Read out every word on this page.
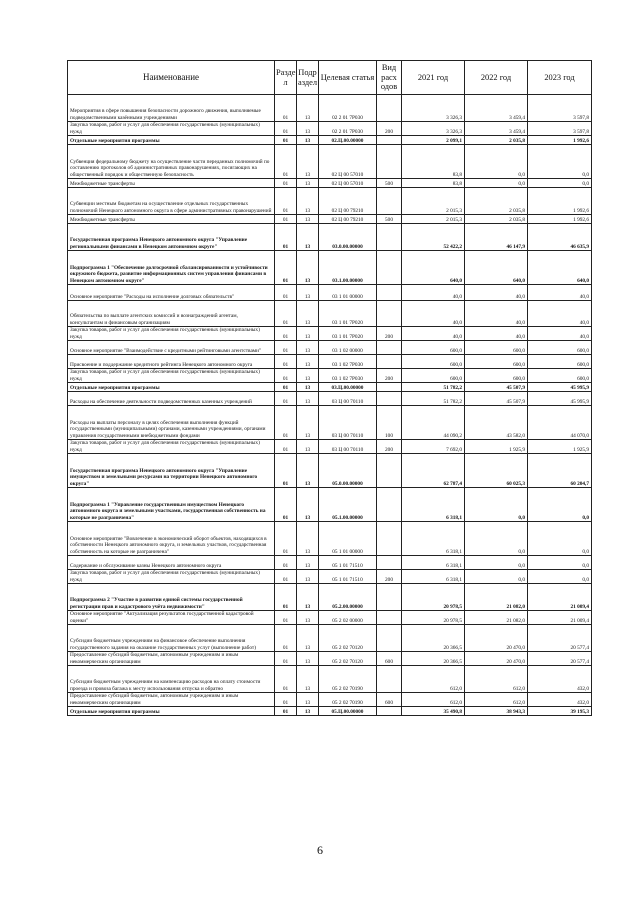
Наименование	Разде л	Подр аздел	Целевая статья	Вид расх одов	2021 год	2022 год	2023 год
Мероприятия в сфере повышения безопасности дорожного движения, выполняемые подведомственными казёнными учреждениями	01	13	02 2 01 7Р030		3 326,3	3 459,4	3 597,8
Закупка товаров, работ и услуг для обеспечения государственных (муниципальных) нужд	01	13	02 2 01 7Р030	200	3 326,3	3 459,4	3 597,8
Отдельные мероприятия программы	01	13	02.Ц.00.00000		2 099,1	2 035,8	1 992,6
Субвенция федеральному бюджету на осуществление части переданных полномочий по составлению протоколов об административных правонарушениях, посягающих на общественный порядок и общественную безопасность	01	13	02 Ц 00 57010		83,8	0,0	0,0
Межбюджетные трансферты	01	13	02 Ц 00 57010	500	83,8	0,0	0,0
Субвенции местным бюджетам на осуществление отдельных государственных полномочий Ненецкого автономного округа в сфере административных правонарушений	01	13	02 Ц 00 79210		2 015,3	2 035,8	1 992,6
Межбюджетные трансферты	01	13	02 Ц 00 79210	500	2 015,3	2 035,8	1 992,6
Государственная программа Ненецкого автономного округа "Управление региональными финансами в Ненецком автономном округе"	01	13	03.0.00.00000		52 422,2	46 147,9	46 635,9
Подпрограмма 1 "Обеспечение долгосрочной сбалансированности и устойчивости окружного бюджета, развитие информационных систем управления финансами в Ненецком автономном округе"	01	13	03.1.00.00000		640,0	640,0	640,0
Основное мероприятие "Расходы на исполнение долговых обязательств"	01	13	03 1 01 00000		40,0	40,0	40,0
Обязательства по выплате агентских комиссий и вознаграждений агентам, консультантам и финансовым организациям	01	13	03 1 01 7Р020		40,0	40,0	40,0
Закупка товаров, работ и услуг для обеспечения государственных (муниципальных) нужд	01	13	03 1 01 7Р020	200	40,0	40,0	40,0
Основное мероприятие "Взаимодействие с кредитными рейтинговыми агентствами"	01	13	03 1 02 00000		600,0	600,0	600,0
Присвоение и поддержание кредитного рейтинга Ненецкого автономного округа	01	13	03 1 02 7Р030		600,0	600,0	600,0
Закупка товаров, работ и услуг для обеспечения государственных (муниципальных) нужд	01	13	03 1 02 7Р030	200	600,0	600,0	600,0
Отдельные мероприятия программы	01	13	03.Ц.00.00000		51 782,2	45 507,9	45 995,9
Расходы на обеспечение деятельности подведомственных казенных учреждений	01	13	03 Ц 00 70110		51 782,2	45 507,9	45 995,9
Расходы на выплаты персоналу в целях обеспечения выполнения функций государственными (муниципальными) органами, казенными учреждениями, органами управления государственными внебюджетными фондами	01	13	03 Ц 00 70110	100	44 090,2	43 582,0	44 070,0
Закупка товаров, работ и услуг для обеспечения государственных (муниципальных) нужд	01	13	03 Ц 00 70110	200	7 692,0	1 925,9	1 925,9
Государственная программа Ненецкого автономного округа "Управление имуществом и земельными ресурсами на территории Ненецкого автономного округа"	01	13	05.0.00.00000		62 787,4	60 025,3	60 204,7
Подпрограмма 1 "Управление государственным имуществом Ненецкого автономного округа и земельными участками, государственная собственность на которые не разграничена"	01	13	05.1.00.00000		6 318,1	0,0	0,0
Основное мероприятие "Вовлечение в экономический оборот объектов, находящихся в собственности Ненецкого автономного округа, и земельных участков, государственная собственность на которые не разграничена"	01	13	05 1 01 00000		6 318,1	0,0	0,0
Содержание и обслуживание казны Ненецкого автономного округа	01	13	05 1 01 71510		6 318,1	0,0	0,0
Закупка товаров, работ и услуг для обеспечения государственных (муниципальных) нужд	01	13	05 1 01 71510	200	6 318,1	0,0	0,0
Подпрограмма 2 "Участие в развитии единой системы государственной регистрации прав и кадастрового учёта недвижимости"	01	13	05.2.00.00000		20 978,5	21 082,0	21 009,4
Основное мероприятие "Актуализация результатов государственной кадастровой оценки"	01	13	05 2 02 00000		20 978,5	21 082,0	21 009,4
Субсидии бюджетным учреждениям на финансовое обеспечение выполнения государственного задания на оказание государственных услуг (выполнение работ)	01	13	05 2 02 70120		20 366,5	20 470,0	20 577,4
Предоставление субсидий бюджетным, автономным учреждениям и иным некоммерческим организациям	01	13	05 2 02 70120	600	20 366,5	20 470,0	20 577,4
Субсидии бюджетным учреждениям на компенсацию расходов на оплату стоимости проезда и провоза багажа к месту использования отпуска и обратно	01	13	05 2 02 70190		612,0	612,0	432,0
Предоставление субсидий бюджетным, автономным учреждениям и иным некоммерческим организациям	01	13	05 2 02 70190	600	612,0	612,0	432,0
Отдельные мероприятия программы	01	13	05.Ц.00.00000		35 490,8	38 943,3	39 195,3
6
